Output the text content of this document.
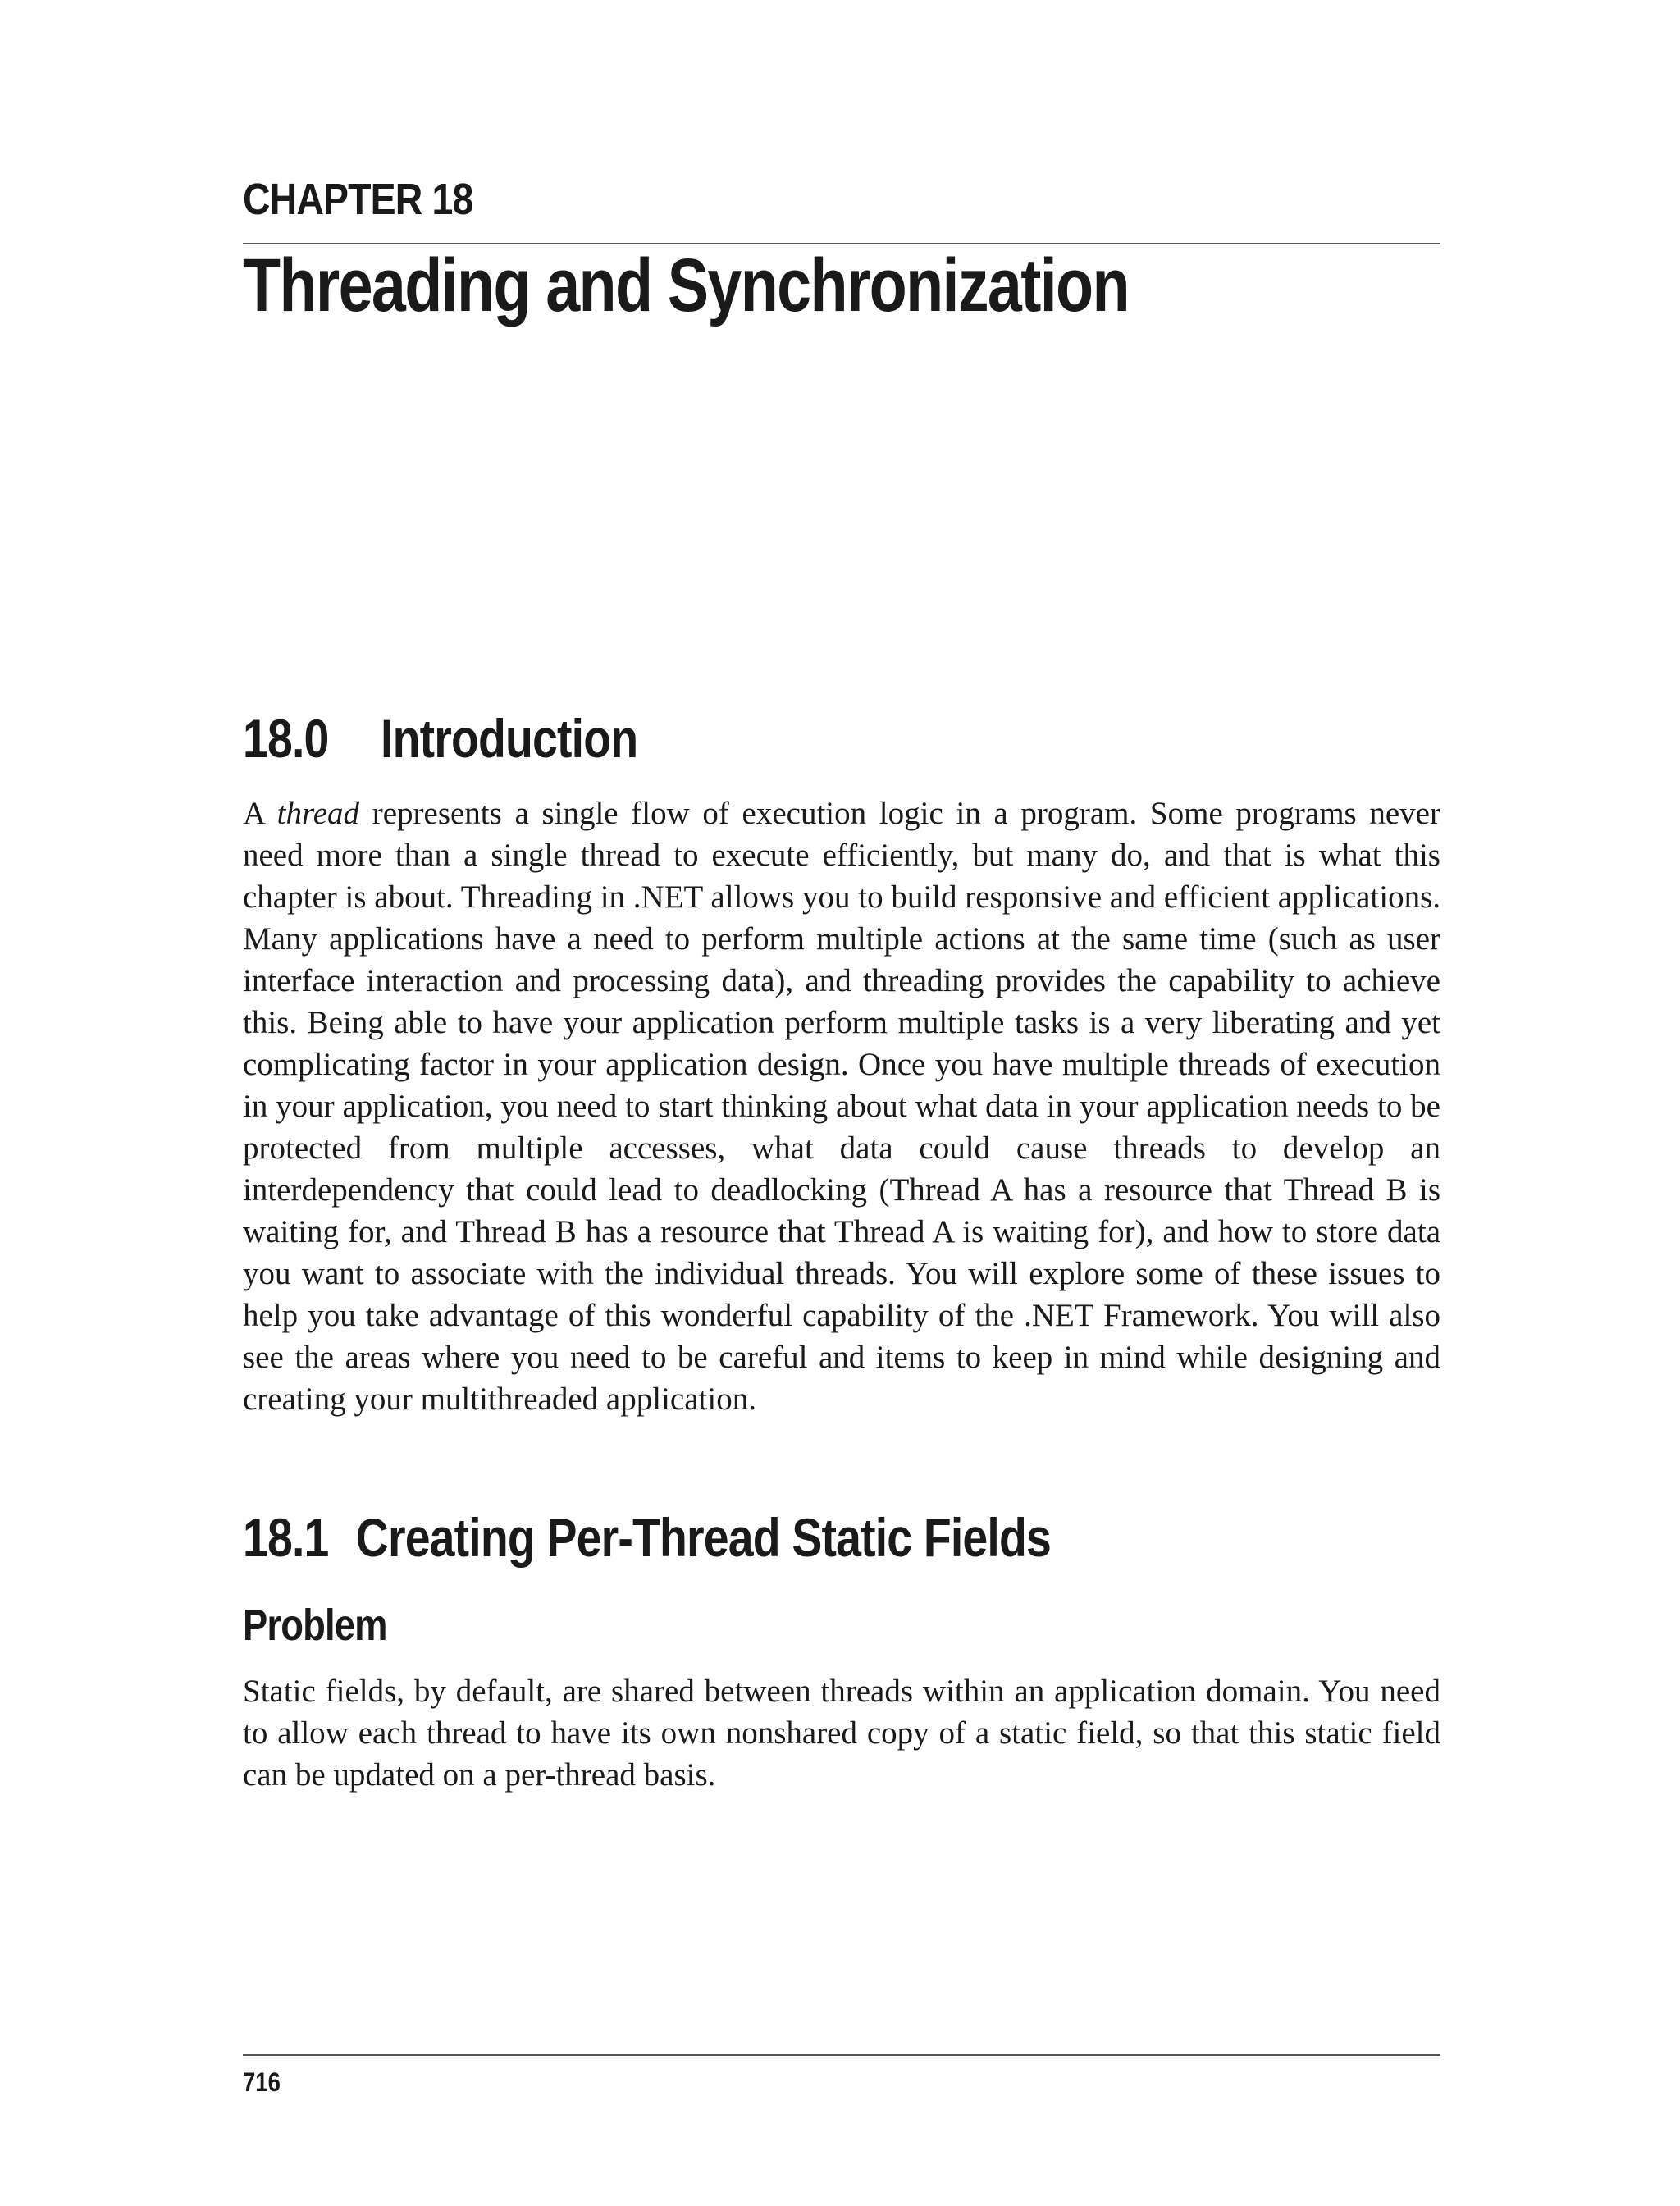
CHAPTER 18
Threading and Synchronization
18.0 Introduction

A thread represents a single flow of execution logic in a program. Some programs never need more than a single thread to execute efficiently, but many do, and that is what this chapter is about. Threading in .NET allows you to build responsive and efficient applications. Many applications have a need to perform multiple actions at the same time (such as user interface interaction and processing data), and threading provides the capability to achieve this. Being able to have your application perform multiple tasks is a very liberating and yet complicating factor in your application design. Once you have multiple threads of execution in your application, you need to start thinking about what data in your application needs to be protected from multiple accesses, what data could cause threads to develop an interdependency that could lead to deadlocking (Thread A has a resource that Thread B is waiting for, and Thread B has a resource that Thread A is waiting for), and how to store data you want to associate with the individual threads. You will explore some of these issues to help you take advantage of this wonderful capability of the .NET Framework. You will also see the areas where you need to be careful and items to keep in mind while designing and creating your multithreaded application.

18.1 Creating Per-Thread Static Fields
Problem

Static fields, by default, are shared between threads within an application domain. You need to allow each thread to have its own nonshared copy of a static field, so that this static field can be updated on a per-thread basis.

716
